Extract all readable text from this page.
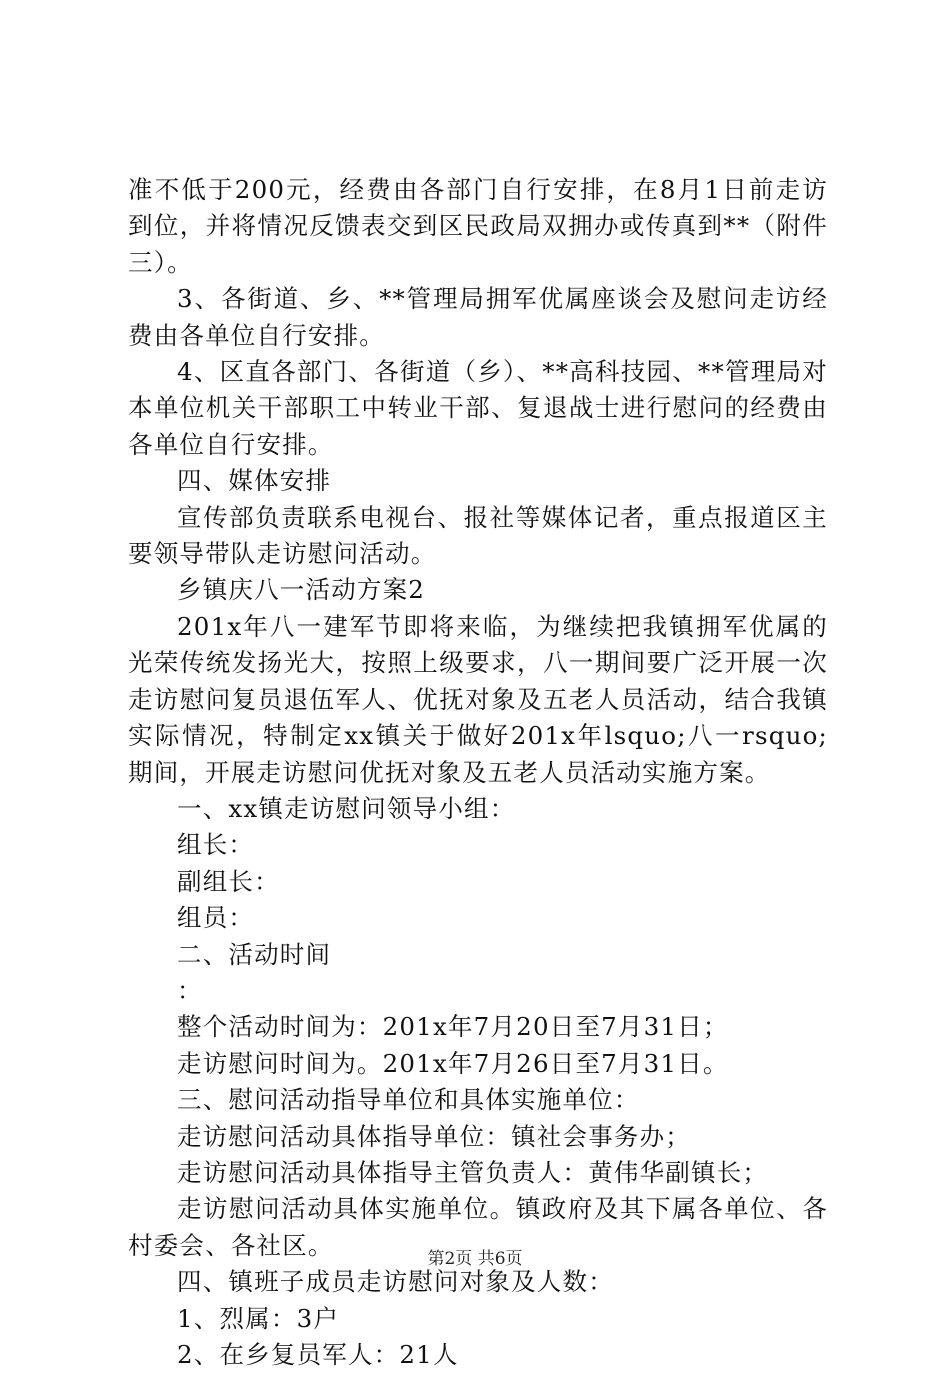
准不低于200元，经费由各部门自行安排，在8月1日前走访到位，并将情况反馈表交到区民政局双拥办或传真到**（附件三）。

3、各街道、乡、**管理局拥军优属座谈会及慰问走访经费由各单位自行安排。

4、区直各部门、各街道（乡）、**高科技园、**管理局对本单位机关干部职工中转业干部、复退战士进行慰问的经费由各单位自行安排。

四、媒体安排

宣传部负责联系电视台、报社等媒体记者，重点报道区主要领导带队走访慰问活动。

乡镇庆八一活动方案2

201x年八一建军节即将来临，为继续把我镇拥军优属的光荣传统发扬光大，按照上级要求，八一期间要广泛开展一次走访慰问复员退伍军人、优抚对象及五老人员活动，结合我镇实际情况，特制定xx镇关于做好201x年lsquo;八一rsquo;期间，开展走访慰问优抚对象及五老人员活动实施方案。

一、xx镇走访慰问领导小组：

组长：

副组长：

组员：

二、活动时间

：

整个活动时间为：201x年7月20日至7月31日；

走访慰问时间为。201x年7月26日至7月31日。

三、慰问活动指导单位和具体实施单位：

走访慰问活动具体指导单位：镇社会事务办；

走访慰问活动具体指导主管负责人：黄伟华副镇长；

走访慰问活动具体实施单位。镇政府及其下属各单位、各村委会、各社区。

四、镇班子成员走访慰问对象及人数：

1、烈属：3户

2、在乡复员军人：21人

第2页 共6页
